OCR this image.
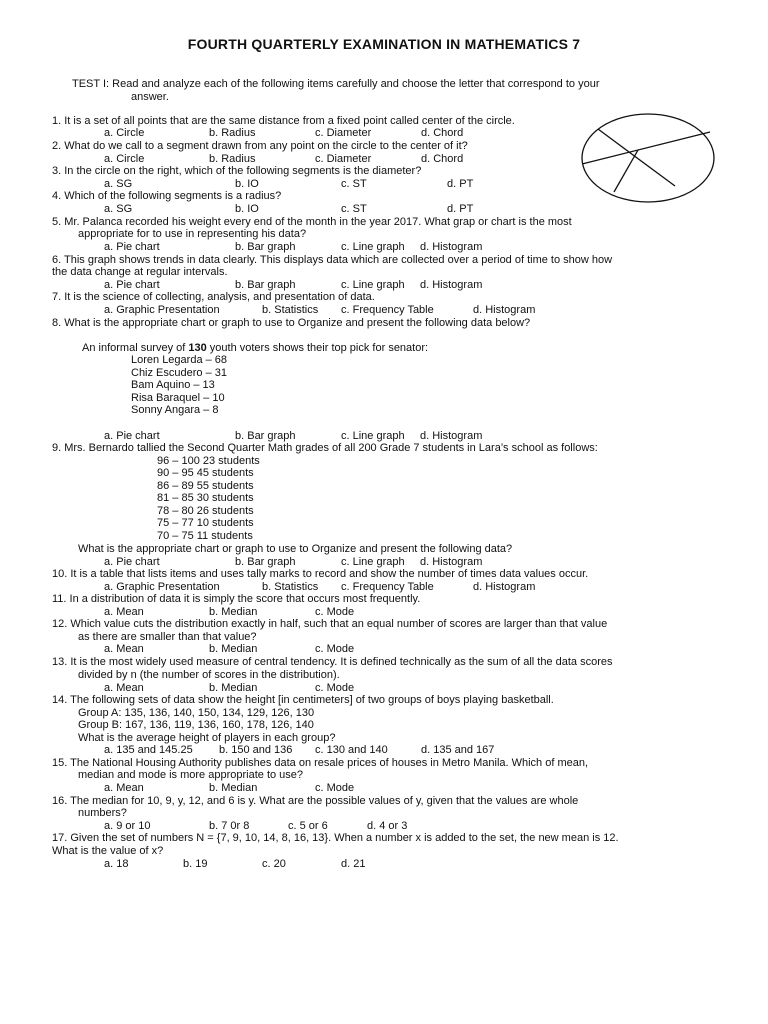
FOURTH QUARTERLY EXAMINATION IN MATHEMATICS 7
TEST I: Read and analyze each of the following items carefully and choose the letter that correspond to your
answer.
1. It is a set of all points that are the same distance from a fixed point called center of the circle.
a. Circle	b. Radius	c. Diameter	d. Chord
2. What do we call to a segment drawn from any point on the circle to the center of it?
a. Circle	b. Radius	c. Diameter	d. Chord
3. In the circle on the right, which of the following segments is the diameter?
a. SG	b. IO	c. ST	d. PT
4. Which of the following segments is a radius?
a. SG	b. IO	c. ST	d. PT
5. Mr. Palanca recorded his weight every end of the month in the year 2017. What grap or chart is the most
appropriate for to use in representing his data?
a. Pie chart	b. Bar graph	c. Line graph d. Histogram
6. This graph shows trends in data clearly. This displays data which are collected over a period of time to show how
the data change at regular intervals.
a. Pie chart	b. Bar graph	c. Line graph d. Histogram
7. It is the science of collecting, analysis, and presentation of data.
a. Graphic Presentation	b. Statistics c. Frequency Table	d. Histogram
8. What is the appropriate chart or graph to use to Organize and present the following data below?
An informal survey of 130 youth voters shows their top pick for senator:
Loren Legarda – 68
Chiz Escudero – 31
Bam Aquino – 13
Risa Baraquel – 10
Sonny Angara – 8
a. Pie chart	b. Bar graph	c. Line graph d. Histogram
9. Mrs. Bernardo tallied the Second Quarter Math grades of all 200 Grade 7 students in Lara’s school as follows:
96 – 100 23 students
90 – 95 45 students
86 – 89 55 students
81 – 85 30 students
78 – 80 26 students
75 – 77 10 students
70 – 75 11 students
What is the appropriate chart or graph to use to Organize and present the following data?
a. Pie chart	b. Bar graph	c. Line graph d. Histogram
10. It is a table that lists items and uses tally marks to record and show the number of times data values occur.
a. Graphic Presentation	b. Statistics c. Frequency Table	d. Histogram
11. In a distribution of data it is simply the score that occurs most frequently.
a. Mean	b. Median	c. Mode
12. Which value cuts the distribution exactly in half, such that an equal number of scores are larger than that value
as there are smaller than that value?
a. Mean	b. Median	c. Mode
13. It is the most widely used measure of central tendency. It is defined technically as the sum of all the data scores
divided by n (the number of scores in the distribution).
a. Mean	b. Median	c. Mode
14. The following sets of data show the height [in centimeters] of two groups of boys playing basketball.
Group A: 135, 136, 140, 150, 134, 129, 126, 130
Group B: 167, 136, 119, 136, 160, 178, 126, 140
What is the average height of players in each group?
a. 135 and 145.25 b. 150 and 136 c. 130 and 140	d. 135 and 167
15. The National Housing Authority publishes data on resale prices of houses in Metro Manila. Which of mean,
median and mode is more appropriate to use?
a. Mean	b. Median	c. Mode
16. The median for 10, 9, y, 12, and 6 is y. What are the possible values of y, given that the values are whole
numbers?
a. 9 or 10	b. 7 0r 8	c. 5 or 6	d. 4 or 3
17. Given the set of numbers N = {7, 9, 10, 14, 8, 16, 13}. When a number x is added to the set, the new mean is 12.
What is the value of x?
a. 18	b. 19	c. 20	d. 21
